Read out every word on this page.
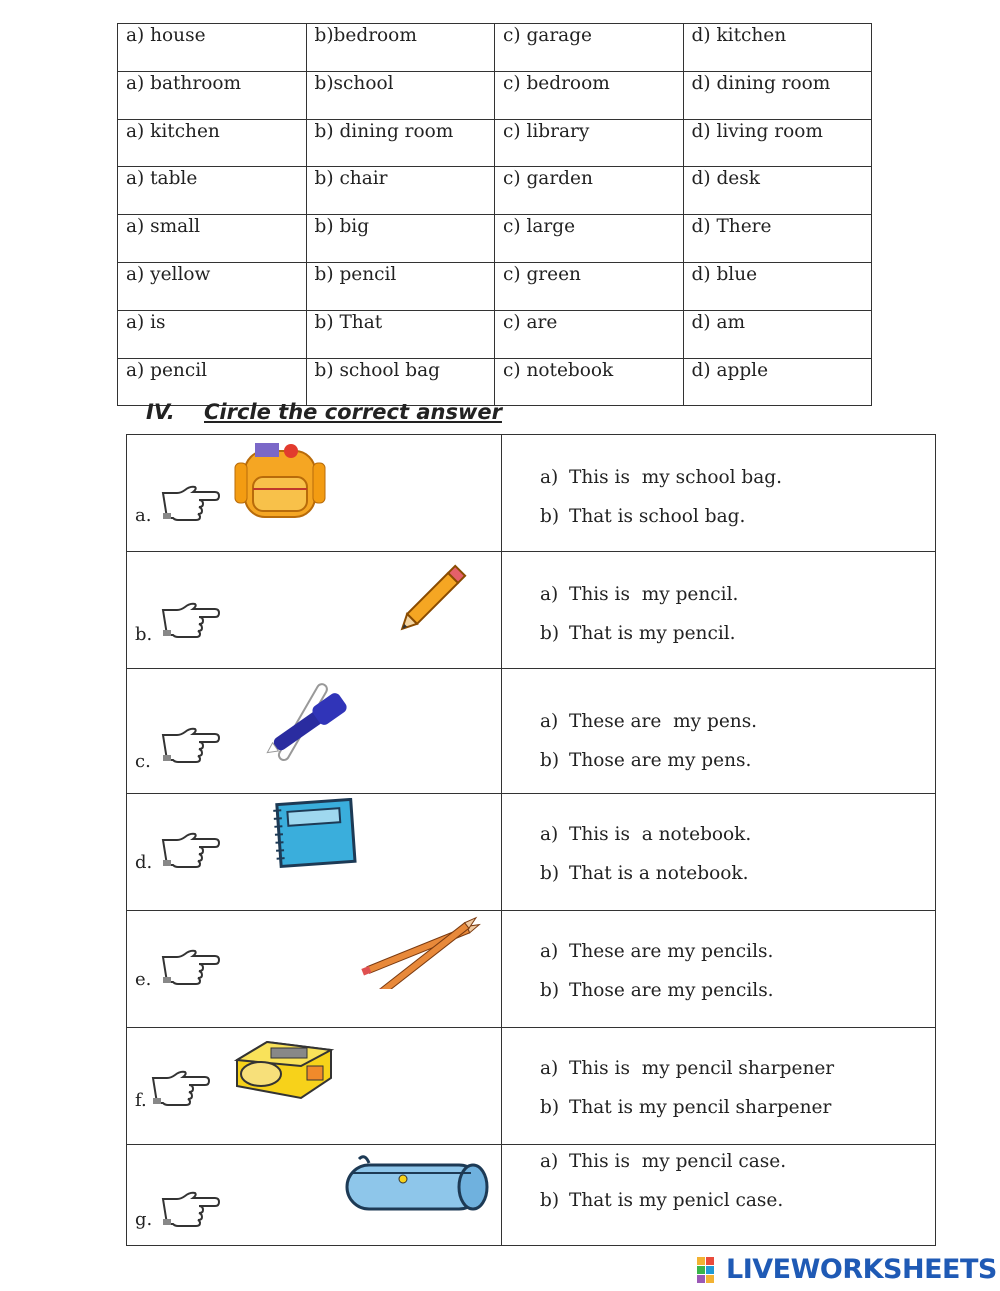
a) house	b)bedroom	c) garage	d) kitchen
a) bathroom	b)school	c) bedroom	d) dining room
a) kitchen	b) dining room	c) library	d) living room
a) table	b) chair	c) garden	d) desk
a) small	b) big	c) large	d) There
a) yellow	b) pencil	c) green	d) blue
a) is	b) That	c) are	d) am
a) pencil	b) school bag	c) notebook	d) apple
IV. Circle the correct answer
a.	a) This is  my school bag.
b) That is school bag.

b.	a) This is  my pencil.
b) That is my pencil.

c.	a) These are  my pens.
b) Those are my pens.

d.	a) This is  a notebook.
b) That is a notebook.

e.	a) These are my pencils.
b) Those are my pencils.

f.	a) This is  my pencil sharpener
b) That is my pencil sharpener

g.	a) This is  my pencil case.
b) That is my penicl case.
LIVEWORKSHEETS
